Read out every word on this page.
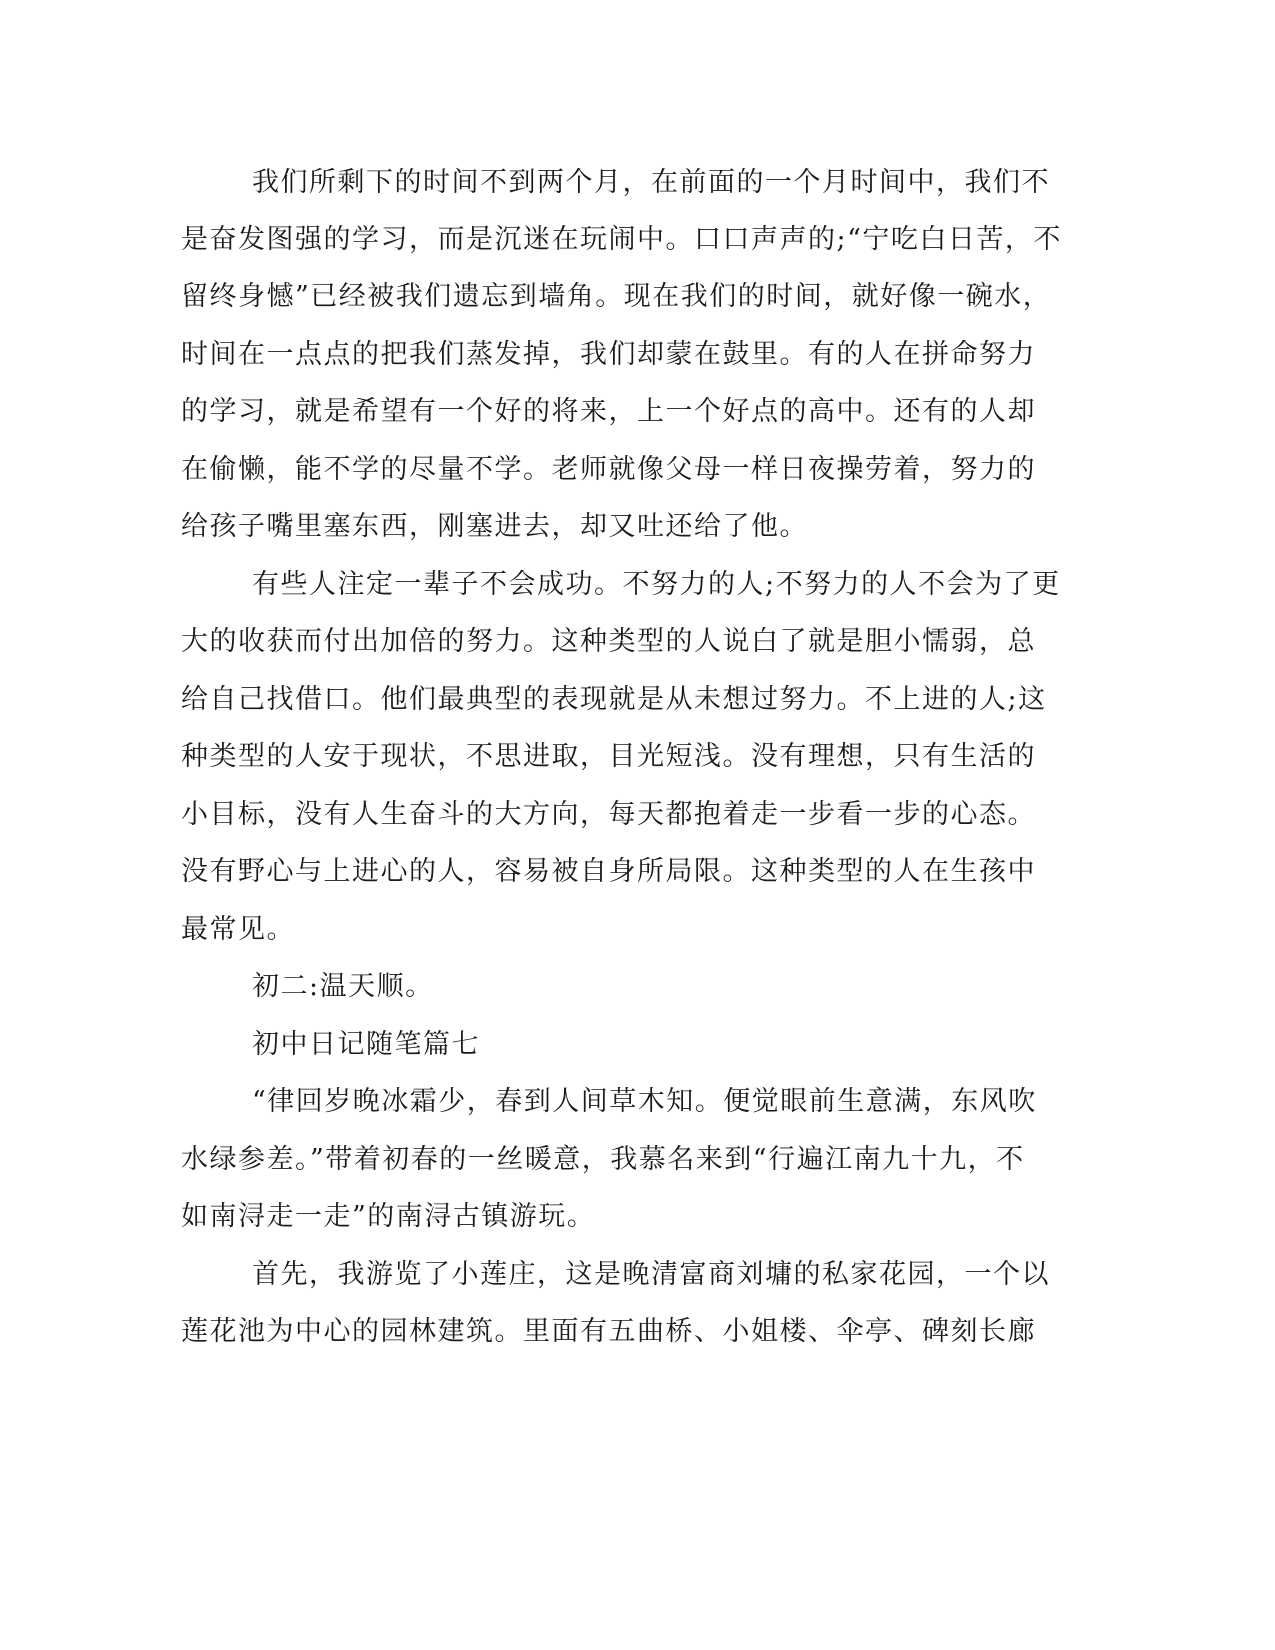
我们所剩下的时间不到两个月，在前面的一个月时间中，我们不
是奋发图强的学习，而是沉迷在玩闹中。口口声声的;“宁吃白日苦，不
留终身憾”已经被我们遗忘到墙角。现在我们的时间，就好像一碗水，
时间在一点点的把我们蒸发掉，我们却蒙在鼓里。有的人在拼命努力
的学习，就是希望有一个好的将来，上一个好点的高中。还有的人却
在偷懒，能不学的尽量不学。老师就像父母一样日夜操劳着，努力的
给孩子嘴里塞东西，刚塞进去，却又吐还给了他。
有些人注定一辈子不会成功。不努力的人;不努力的人不会为了更
大的收获而付出加倍的努力。这种类型的人说白了就是胆小懦弱，总
给自己找借口。他们最典型的表现就是从未想过努力。不上进的人;这
种类型的人安于现状，不思进取，目光短浅。没有理想，只有生活的
小目标，没有人生奋斗的大方向，每天都抱着走一步看一步的心态。
没有野心与上进心的人，容易被自身所局限。这种类型的人在生孩中
最常见。
初二:温天顺。
初中日记随笔篇七
“律回岁晚冰霜少，春到人间草木知。便觉眼前生意满，东风吹
水绿参差。”带着初春的一丝暖意，我慕名来到“行遍江南九十九，不
如南浔走一走”的南浔古镇游玩。
首先，我游览了小莲庄，这是晚清富商刘墉的私家花园，一个以
莲花池为中心的园林建筑。里面有五曲桥、小姐楼、伞亭、碑刻长廊
